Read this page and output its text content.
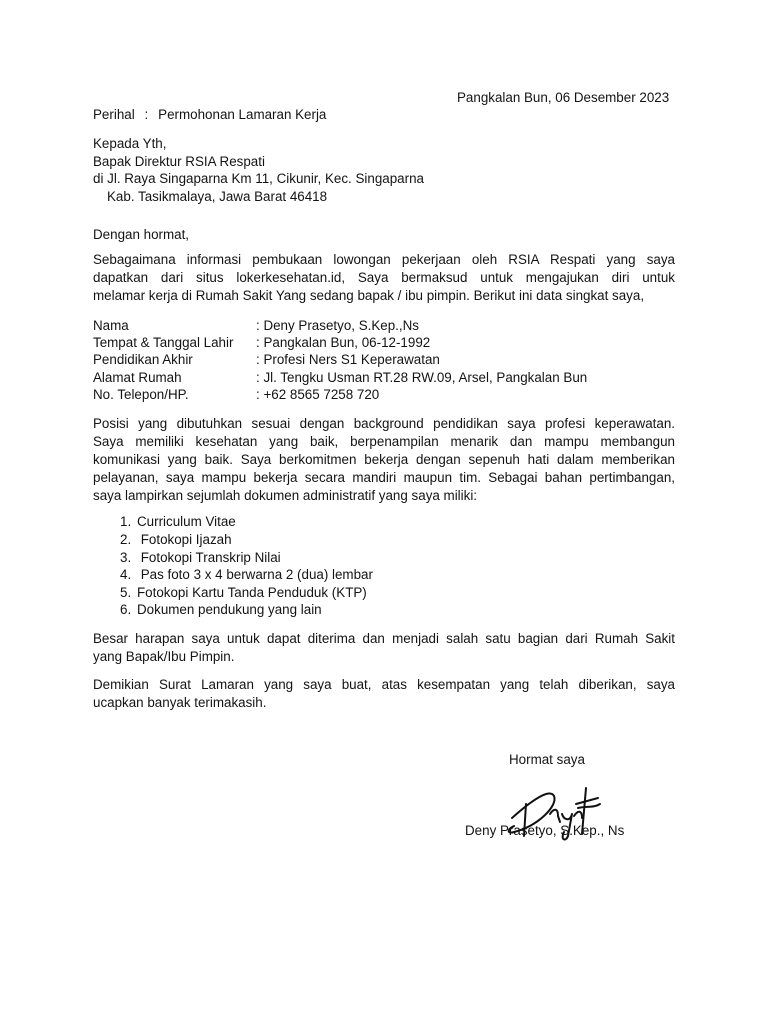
Pangkalan Bun, 06 Desember 2023
Perihal : Permohonan Lamaran Kerja
Kepada Yth,
Bapak Direktur RSIA Respati
di Jl. Raya Singaparna Km 11, Cikunir, Kec. Singaparna
Kab. Tasikmalaya, Jawa Barat 46418
Dengan hormat,
Sebagaimana informasi pembukaan lowongan pekerjaan oleh RSIA Respati yang saya
dapatkan dari situs lokerkesehatan.id, Saya bermaksud untuk mengajukan diri untuk
melamar kerja di Rumah Sakit Yang sedang bapak / ibu pimpin. Berikut ini data singkat saya,
Nama	: Deny Prasetyo, S.Kep.,Ns
Tempat & Tanggal Lahir : Pangkalan Bun, 06-12-1992
Pendidikan Akhir	: Profesi Ners S1 Keperawatan
Alamat Rumah	: Jl. Tengku Usman RT.28 RW.09, Arsel, Pangkalan Bun
No. Telepon/HP.	: +62 8565 7258 720
Posisi yang dibutuhkan sesuai dengan background pendidikan saya profesi keperawatan.
Saya memiliki kesehatan yang baik, berpenampilan menarik dan mampu membangun
komunikasi yang baik. Saya berkomitmen bekerja dengan sepenuh hati dalam memberikan
pelayanan, saya mampu bekerja secara mandiri maupun tim. Sebagai bahan pertimbangan,
saya lampirkan sejumlah dokumen administratif yang saya miliki:
1. Curriculum Vitae
2. Fotokopi Ijazah
3. Fotokopi Transkrip Nilai
4. Pas foto 3 x 4 berwarna 2 (dua) lembar
5. Fotokopi Kartu Tanda Penduduk (KTP)
6. Dokumen pendukung yang lain
Besar harapan saya untuk dapat diterima dan menjadi salah satu bagian dari Rumah Sakit
yang Bapak/Ibu Pimpin.
Demikian Surat Lamaran yang saya buat, atas kesempatan yang telah diberikan, saya
ucapkan banyak terimakasih.
Hormat saya
Deny Prasetyo, S.Kep., Ns
